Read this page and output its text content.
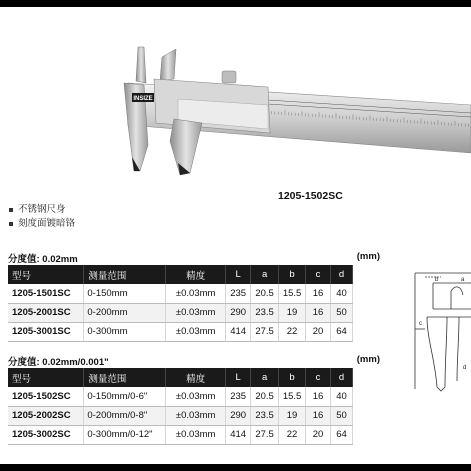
INSIZE
1205-1502SC
不锈钢尺身
刻度面镀暗铬
分度值: 0.02mm	(mm)
型号	测量范围	精度	L	a	b	c	d
1205-1501SC	0-150mm	±0.03mm	235	20.5	15.5	16	40
1205-2001SC	0-200mm	±0.03mm	290	23.5	19	16	50
1205-3001SC	0-300mm	±0.03mm	414	27.5	22	20	64
分度值: 0.02mm/0.001"	(mm)
型号	测量范围	精度	L	a	b	c	d
1205-1502SC	0-150mm/0-6"	±0.03mm	235	20.5	15.5	16	40
1205-2002SC	0-200mm/0-8"	±0.03mm	290	23.5	19	16	50
1205-3002SC	0-300mm/0-12"	±0.03mm	414	27.5	22	20	64
b	a
c
d
